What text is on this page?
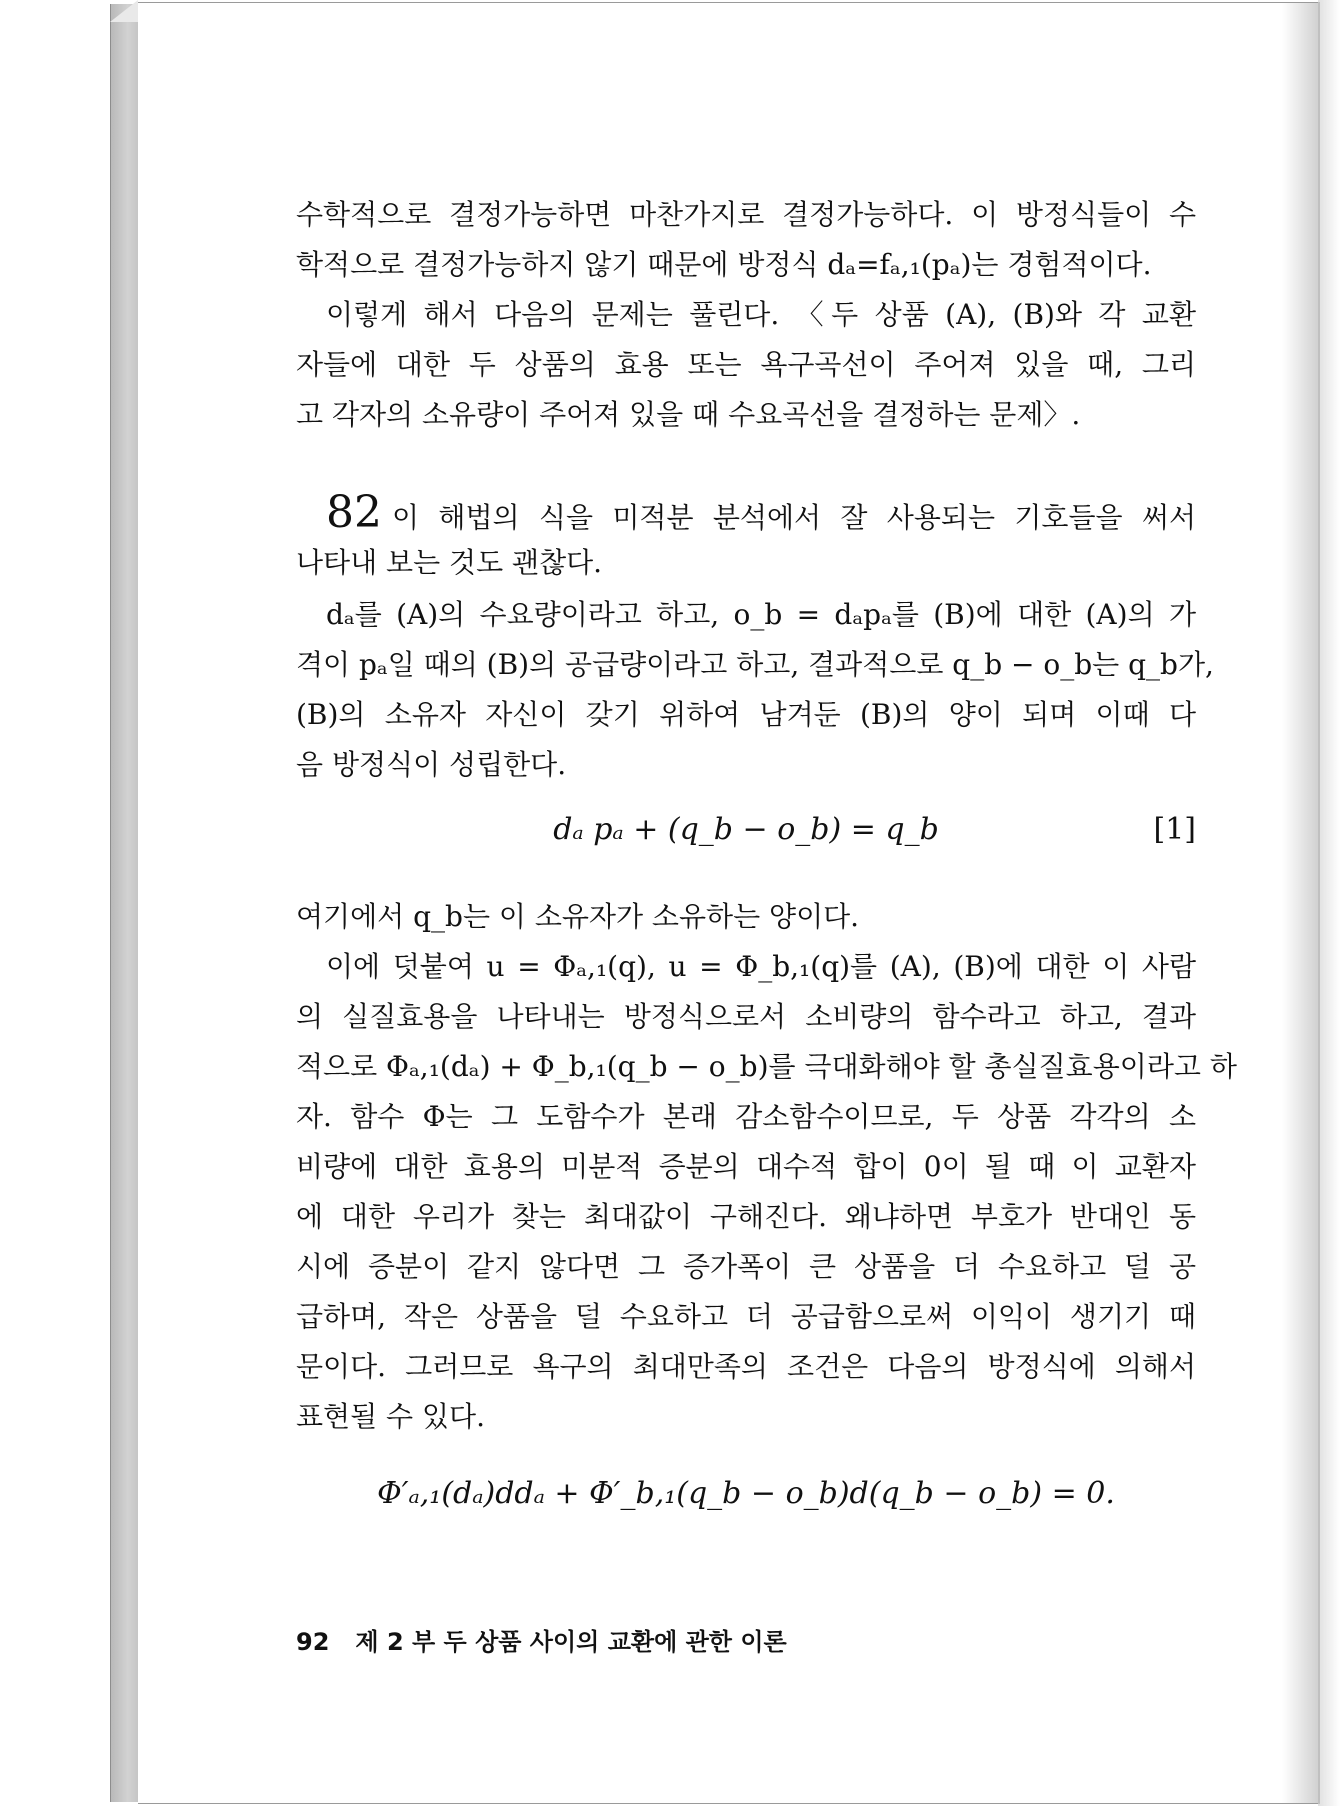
수학적으로 결정가능하면 마찬가지로 결정가능하다. 이 방정식들이 수
학적으로 결정가능하지 않기 때문에 방정식 dₐ=fₐ,₁(pₐ)는 경험적이다.
이렇게 해서 다음의 문제는 풀린다. 〈두 상품 (A), (B)와 각 교환
자들에 대한 두 상품의 효용 또는 욕구곡선이 주어져 있을 때, 그리
고 각자의 소유량이 주어져 있을 때 수요곡선을 결정하는 문제〉.
82 이 해법의 식을 미적분 분석에서 잘 사용되는 기호들을 써서
나타내 보는 것도 괜찮다.
dₐ를 (A)의 수요량이라고 하고, o_b = dₐpₐ를 (B)에 대한 (A)의 가
격이 pₐ일 때의 (B)의 공급량이라고 하고, 결과적으로 q_b − o_b는 q_b가,
(B)의 소유자 자신이 갖기 위하여 남겨둔 (B)의 양이 되며 이때 다
음 방정식이 성립한다.
dₐ pₐ + (q_b − o_b) = q_b	[1]
여기에서 q_b는 이 소유자가 소유하는 양이다.
이에 덧붙여 u = Φₐ,₁(q), u = Φ_b,₁(q)를 (A), (B)에 대한 이 사람
의 실질효용을 나타내는 방정식으로서 소비량의 함수라고 하고, 결과
적으로 Φₐ,₁(dₐ) + Φ_b,₁(q_b − o_b)를 극대화해야 할 총실질효용이라고 하
자. 함수 Φ는 그 도함수가 본래 감소함수이므로, 두 상품 각각의 소
비량에 대한 효용의 미분적 증분의 대수적 합이 0이 될 때 이 교환자
에 대한 우리가 찾는 최대값이 구해진다. 왜냐하면 부호가 반대인 동
시에 증분이 같지 않다면 그 증가폭이 큰 상품을 더 수요하고 덜 공
급하며, 작은 상품을 덜 수요하고 더 공급함으로써 이익이 생기기 때
문이다. 그러므로 욕구의 최대만족의 조건은 다음의 방정식에 의해서
표현될 수 있다.
Φ′ₐ,₁(dₐ)ddₐ + Φ′_b,₁(q_b − o_b)d(q_b − o_b) = 0.
92 제 2 부 두 상품 사이의 교환에 관한 이론
